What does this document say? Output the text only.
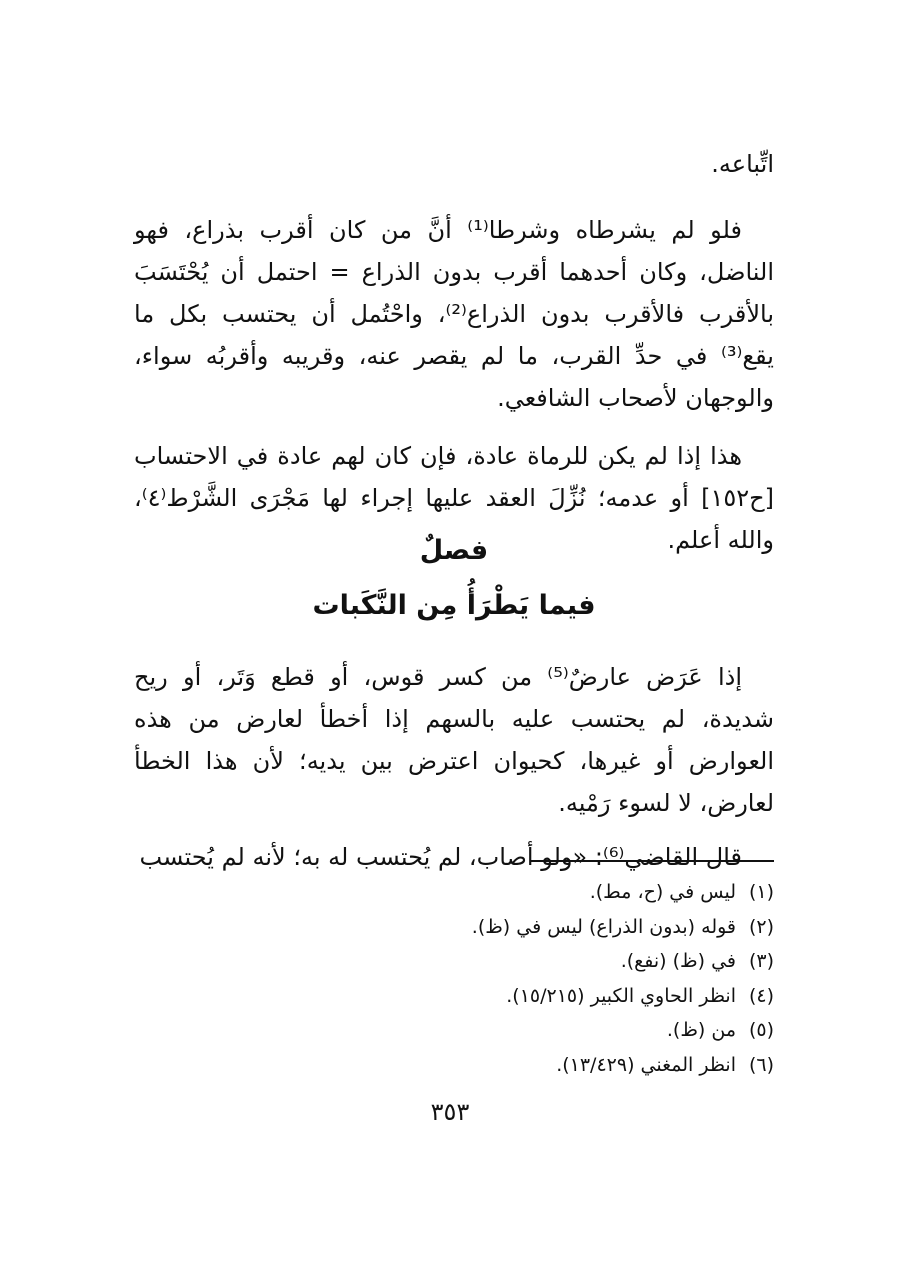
اتِّباعه.

فلو لم يشرطاه وشرطا⁽¹⁾ أنَّ من كان أقرب بذراع، فهو الناضل، وكان أحدهما أقرب بدون الذراع = احتمل أن يُحْتَسَبَ بالأقرب فالأقرب بدون الذراع⁽²⁾، واحْتُمل أن يحتسب بكل ما يقع⁽³⁾ في حدِّ القرب، ما لم يقصر عنه، وقريبه وأقربُه سواء، والوجهان لأصحاب الشافعي.

هذا إذا لم يكن للرماة عادة، فإن كان لهم عادة في الاحتساب [ح١٥٢] أو عدمه؛ نُزِّلَ العقد عليها إجراء لها مَجْرَى الشَّرْط⁽٤⁾، والله أعلم.

فصلٌ
فيما يَطْرَأُ مِن النَّكَبات

إذا عَرَض عارضٌ⁽⁵⁾ من كسر قوس، أو قطع وَتَر، أو ريح شديدة، لم يحتسب عليه بالسهم إذا أخطأ لعارض من هذه العوارض أو غيرها، كحيوان اعترض بين يديه؛ لأن هذا الخطأ لعارض، لا لسوء رَمْيه.

قال القاضي⁽⁶⁾: «ولو أصاب، لم يُحتسب له به؛ لأنه لم يُحتسب

(١)
ليس في (ح، مط).
(٢)
قوله (بدون الذراع) ليس في (ظ).
(٣)
في (ظ) (نفع).
(٤)
انظر الحاوي الكبير (١٥/٢١٥).
(٥)
من (ظ).
(٦)
انظر المغني (١٣/٤٢٩).
٣٥٣
